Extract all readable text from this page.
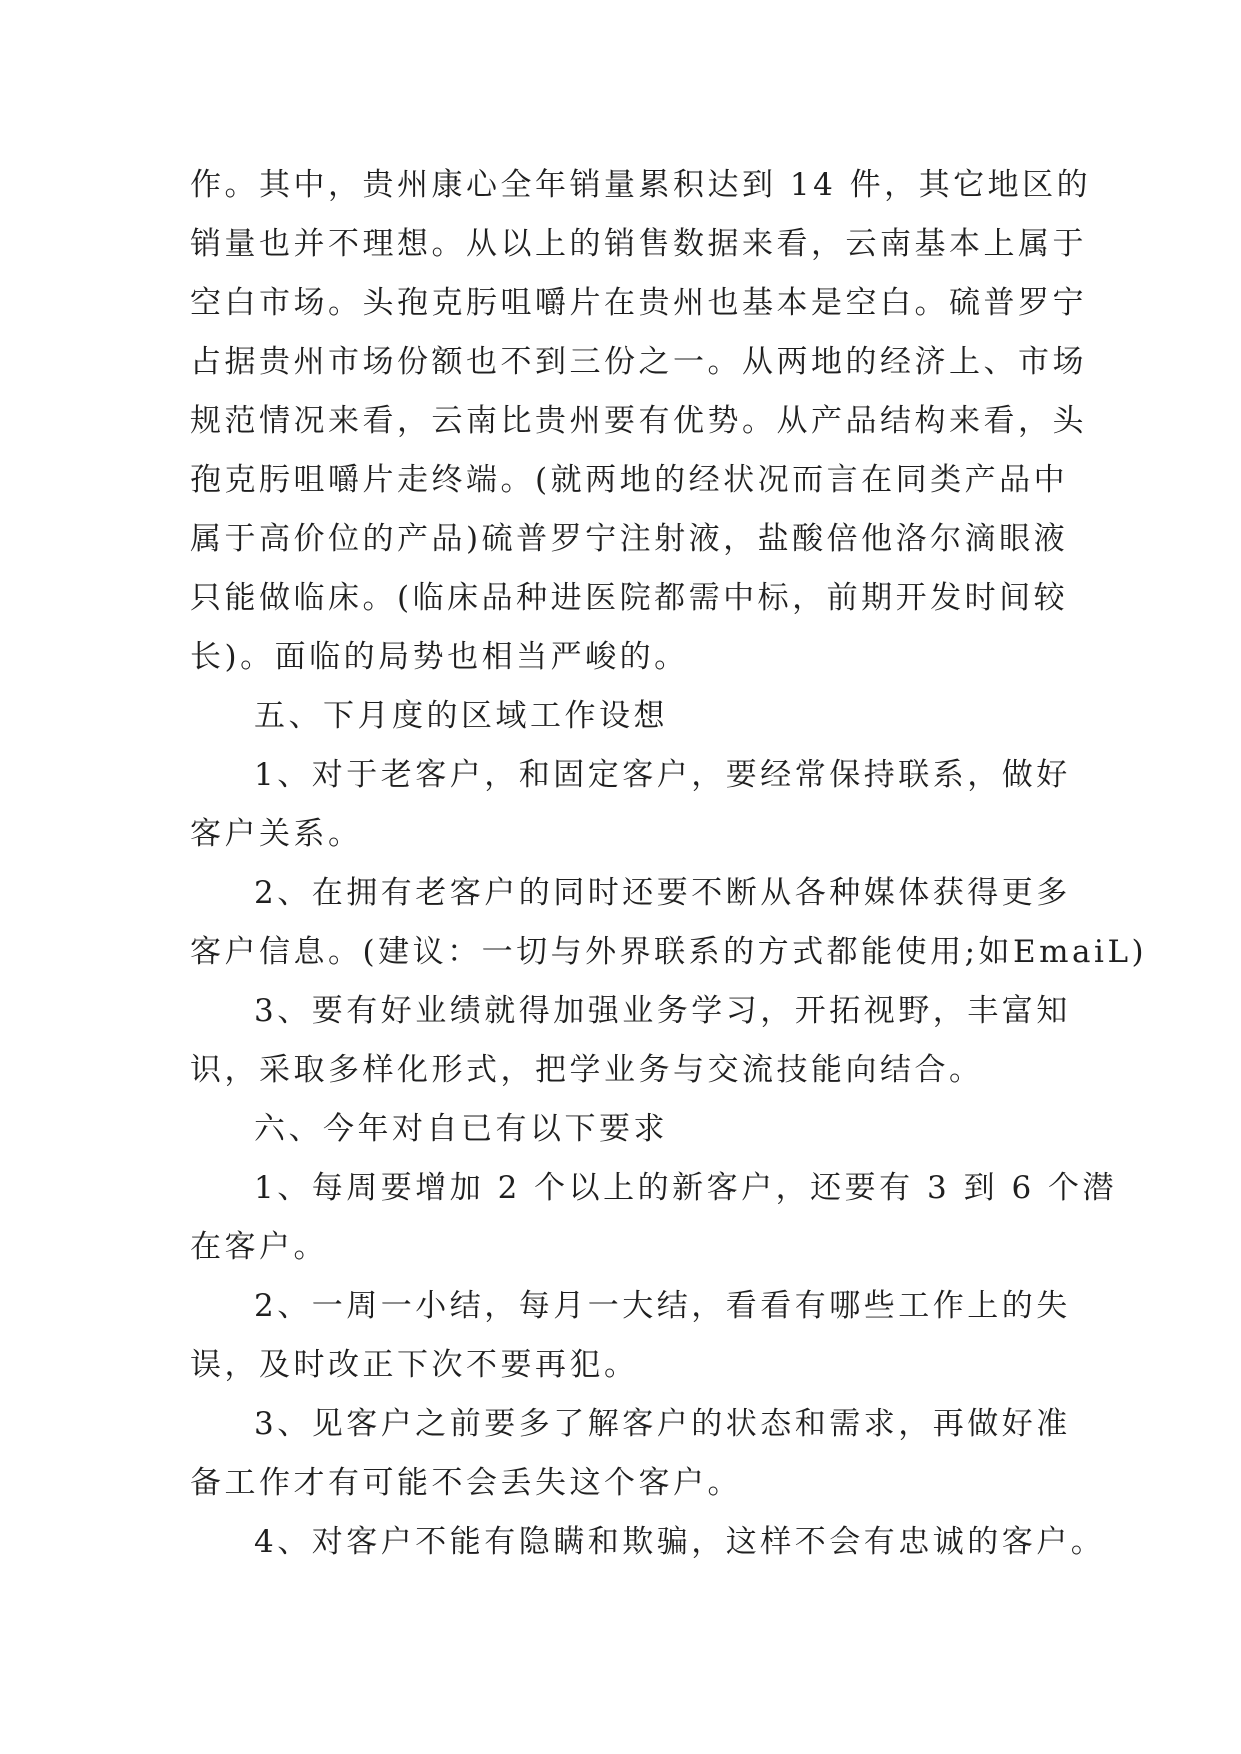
作。其中，贵州康心全年销量累积达到 14 件，其它地区的
销量也并不理想。从以上的销售数据来看，云南基本上属于
空白市场。头孢克肟咀嚼片在贵州也基本是空白。硫普罗宁
占据贵州市场份额也不到三份之一。从两地的经济上、市场
规范情况来看，云南比贵州要有优势。从产品结构来看，头
孢克肟咀嚼片走终端。(就两地的经状况而言在同类产品中
属于高价位的产品)硫普罗宁注射液，盐酸倍他洛尔滴眼液
只能做临床。(临床品种进医院都需中标，前期开发时间较
长)。面临的局势也相当严峻的。
五、下月度的区域工作设想
1、对于老客户，和固定客户，要经常保持联系，做好
客户关系。
2、在拥有老客户的同时还要不断从各种媒体获得更多
客户信息。(建议：一切与外界联系的方式都能使用;如EmaiL)
3、要有好业绩就得加强业务学习，开拓视野，丰富知
识，采取多样化形式，把学业务与交流技能向结合。
六、今年对自已有以下要求
1、每周要增加 2 个以上的新客户，还要有 3 到 6 个潜
在客户。
2、一周一小结，每月一大结，看看有哪些工作上的失
误，及时改正下次不要再犯。
3、见客户之前要多了解客户的状态和需求，再做好准
备工作才有可能不会丢失这个客户。
4、对客户不能有隐瞒和欺骗，这样不会有忠诚的客户。
